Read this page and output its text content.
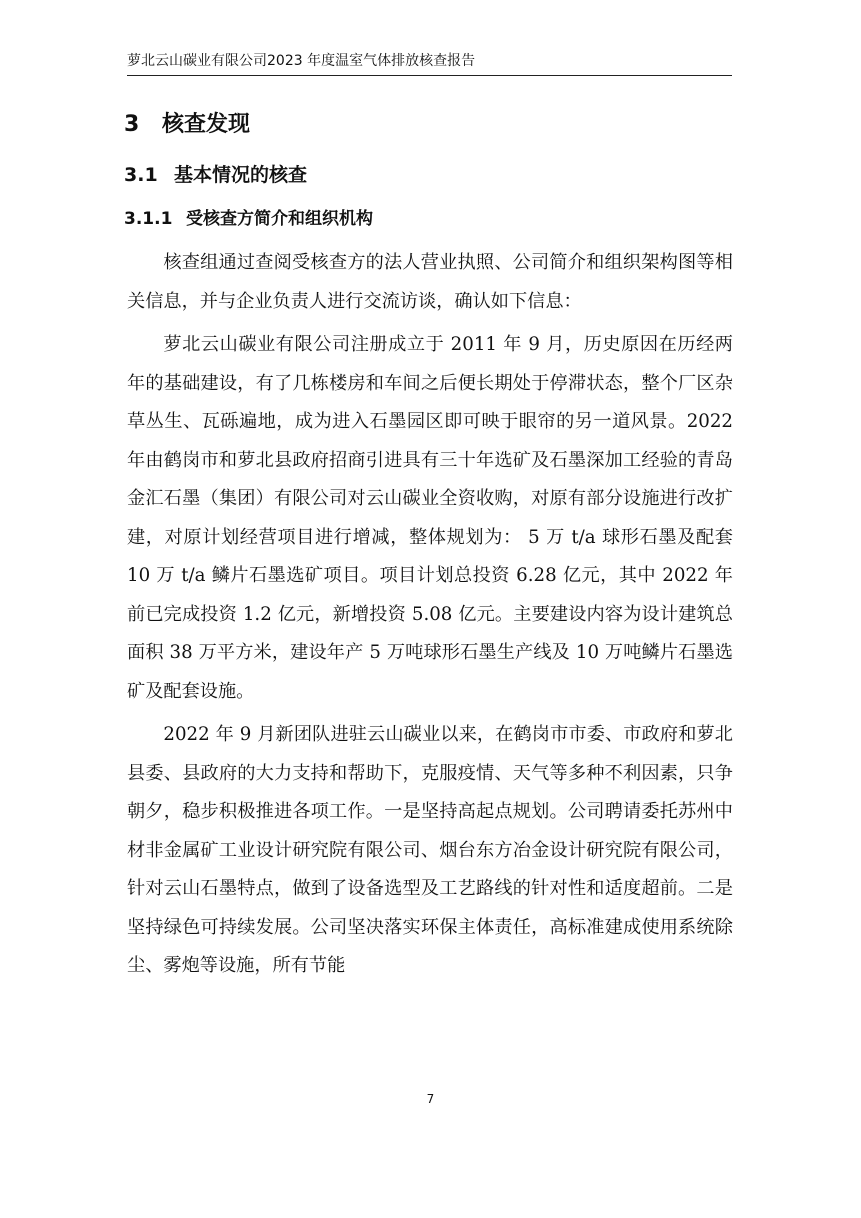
萝北云山碳业有限公司2023 年度温室气体排放核查报告
3 核查发现
3.1 基本情况的核查
3.1.1 受核查方简介和组织机构

核查组通过查阅受核查方的法人营业执照、公司简介和组织架构图等相关信息，并与企业负责人进行交流访谈，确认如下信息：

萝北云山碳业有限公司注册成立于 2011 年 9 月，历史原因在历经两年的基础建设，有了几栋楼房和车间之后便长期处于停滞状态，整个厂区杂草丛生、瓦砾遍地，成为进入石墨园区即可映于眼帘的另一道风景。2022 年由鹤岗市和萝北县政府招商引进具有三十年选矿及石墨深加工经验的青岛金汇石墨（集团）有限公司对云山碳业全资收购，对原有部分设施进行改扩建，对原计划经营项目进行增减，整体规划为： 5 万 t/a 球形石墨及配套 10 万 t/a 鳞片石墨选矿项目。项目计划总投资 6.28 亿元，其中 2022 年前已完成投资 1.2 亿元，新增投资 5.08 亿元。主要建设内容为设计建筑总面积 38 万平方米，建设年产 5 万吨球形石墨生产线及 10 万吨鳞片石墨选矿及配套设施。

2022 年 9 月新团队进驻云山碳业以来，在鹤岗市市委、市政府和萝北县委、县政府的大力支持和帮助下，克服疫情、天气等多种不利因素，只争朝夕，稳步积极推进各项工作。一是坚持高起点规划。公司聘请委托苏州中材非金属矿工业设计研究院有限公司、烟台东方冶金设计研究院有限公司，针对云山石墨特点，做到了设备选型及工艺路线的针对性和适度超前。二是坚持绿色可持续发展。公司坚决落实环保主体责任，高标准建成使用系统除尘、雾炮等设施，所有节能

7
